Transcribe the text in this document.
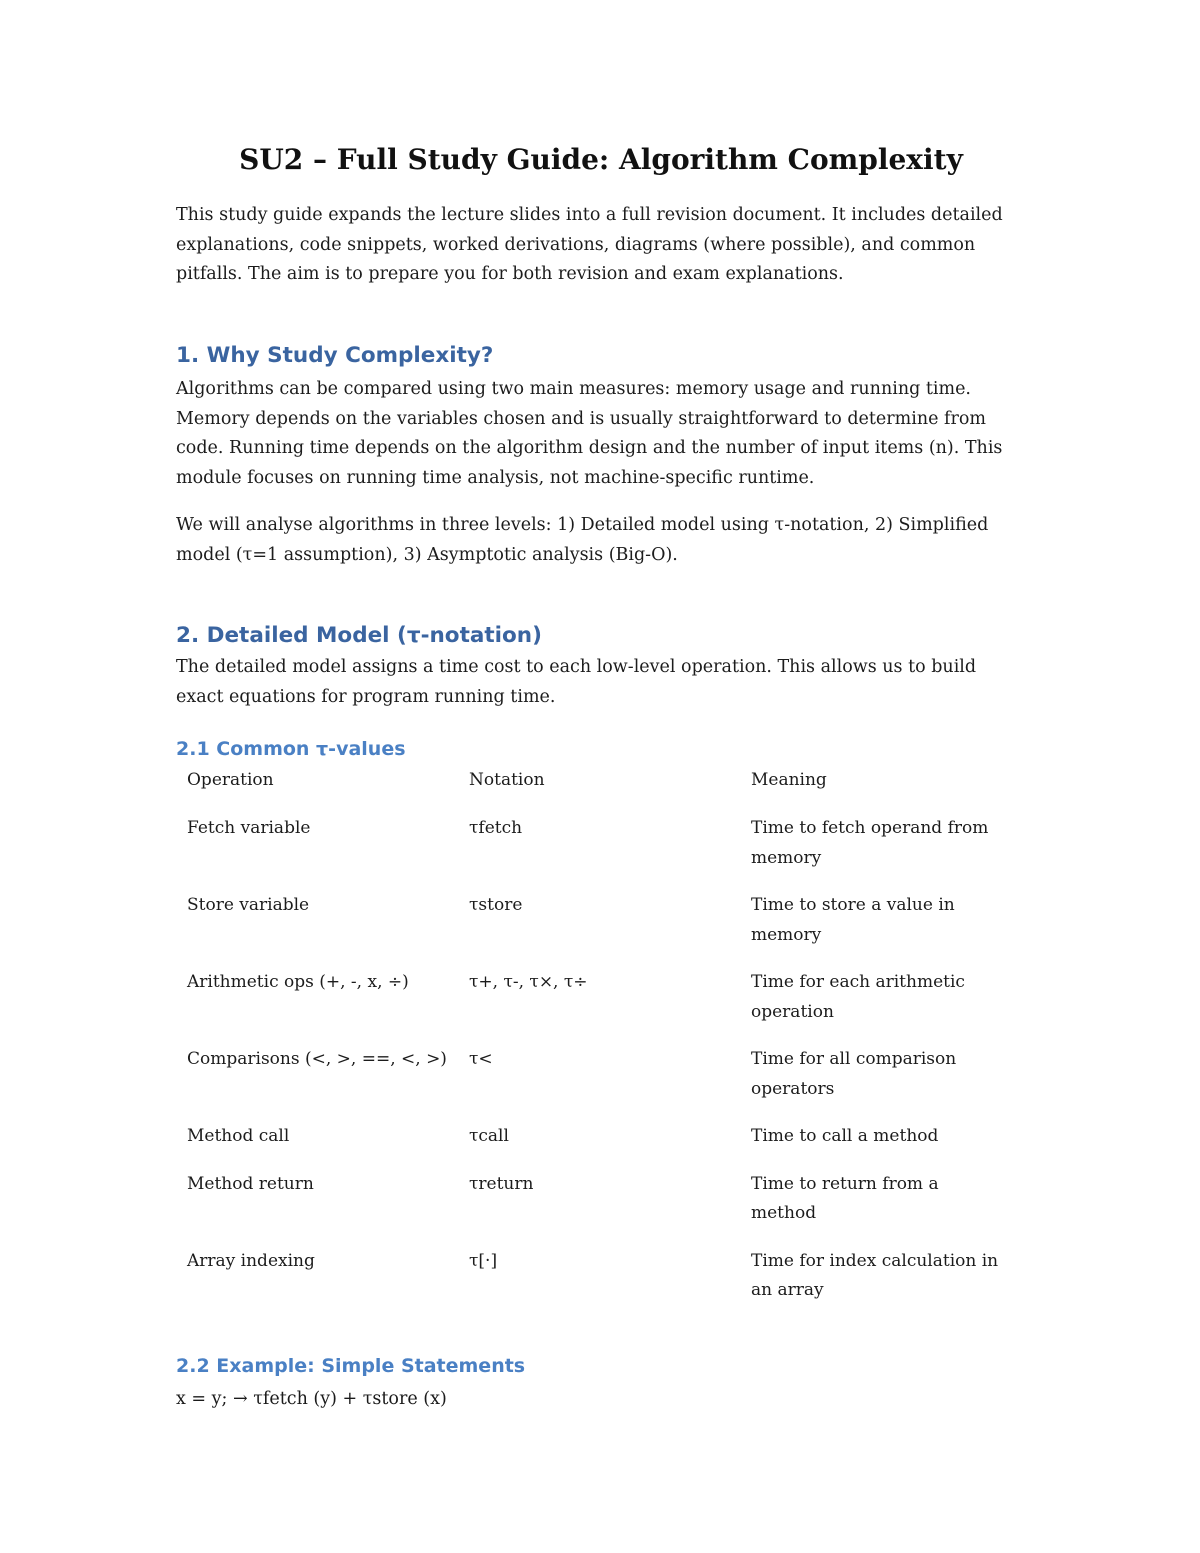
SU2 – Full Study Guide: Algorithm Complexity

This study guide expands the lecture slides into a full revision document. It includes detailed explanations, code snippets, worked derivations, diagrams (where possible), and common pitfalls. The aim is to prepare you for both revision and exam explanations.

1. Why Study Complexity?

Algorithms can be compared using two main measures: memory usage and running time. Memory depends on the variables chosen and is usually straightforward to determine from code. Running time depends on the algorithm design and the number of input items (n). This module focuses on running time analysis, not machine-specific runtime.

We will analyse algorithms in three levels: 1) Detailed model using τ-notation, 2) Simplified model (τ=1 assumption), 3) Asymptotic analysis (Big-O).

2. Detailed Model (τ-notation)

The detailed model assigns a time cost to each low-level operation. This allows us to build exact equations for program running time.

2.1 Common τ-values
Operation	Notation	Meaning
Fetch variable	τfetch	Time to fetch operand from memory
Store variable	τstore	Time to store a value in memory
Arithmetic ops (+, -, x, ÷)	τ+, τ-, τ×, τ÷	Time for each arithmetic operation
Comparisons (<, >, ==, <, >)	τ<	Time for all comparison operators
Method call	τcall	Time to call a method
Method return	τreturn	Time to return from a method
Array indexing	τ[·]	Time for index calculation in an array
2.2 Example: Simple Statements

x = y; → τfetch (y) + τstore (x)
